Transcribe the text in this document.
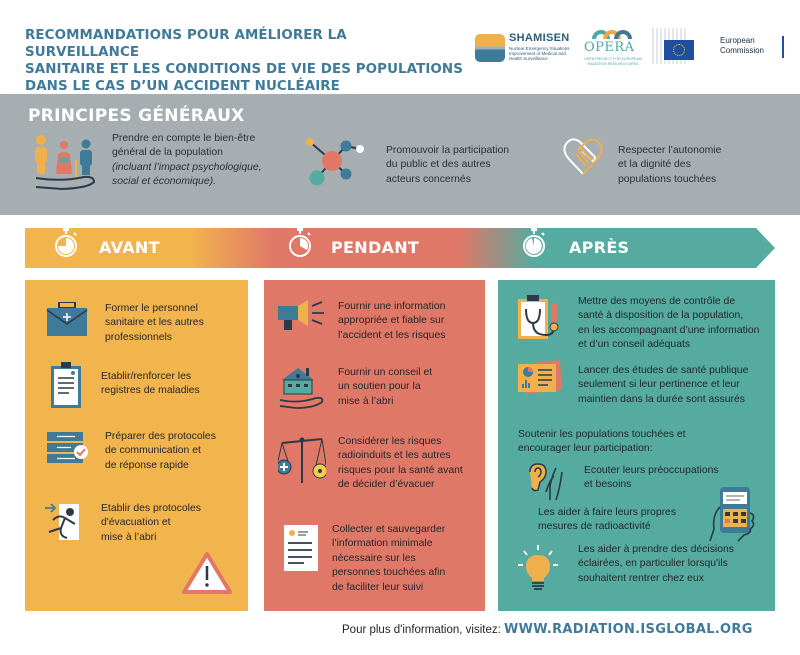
RECOMMANDATIONS POUR AMÉLIORER LA SURVEILLANCE
SANITAIRE ET LES CONDITIONS DE VIE DES POPULATIONS
DANS LE CAS D’UN ACCIDENT NUCLÉAIRE
SHAMISEN
Nuclear Emergency Situations Improvement of Medical and Health Surveillance
OPERA
OPEN PROJECT FOR EUROPEAN RADIATION RESEARCH AREA
European
Commission
PRINCIPES GÉNÉRAUX
Prendre en compte le bien-être
général de la population
(incluant l’impact psychologique,
social et économique).
Promouvoir la participation
du public et des autres
acteurs concernés
Respecter l’autonomie
et la dignité des
populations touchées
AVANT	PENDANT	APRÈS
Former le personnel
sanitaire et les autres
professionnels
Etablir/renforcer les
registres de maladies
Préparer des protocoles
de communication et
de réponse rapide
Etablir des protocoles
d'évacuation et
mise à l’abri
Fournir une information
appropriée et fiable sur
l’accident et les risques
Fournir un conseil et
un soutien pour la
mise à l’abri
Considérer les risques
radioinduits et les autres
risques pour la santé avant
de décider d’évacuer
Collecter et sauvegarder
l’information minimale
nécessaire sur les
personnes touchées afin
de faciliter leur suivi
Mettre des moyens de contrôle de
santé à disposition de la population,
en les accompagnant d’une information
et d’un conseil adéquats
Lancer des études de santé publique
seulement si leur pertinence et leur
maintien dans la durée sont assurés
Soutenir les populations touchées et
encourager leur participation:
Ecouter leurs préoccupations
et besoins
Les aider à faire leurs propres
mesures de radioactivité
Les aider à prendre des décisions
éclairées, en particulier lorsqu'ils
souhaitent rentrer chez eux
Pour plus d'information, visitez: WWW.RADIATION.ISGLOBAL.ORG
